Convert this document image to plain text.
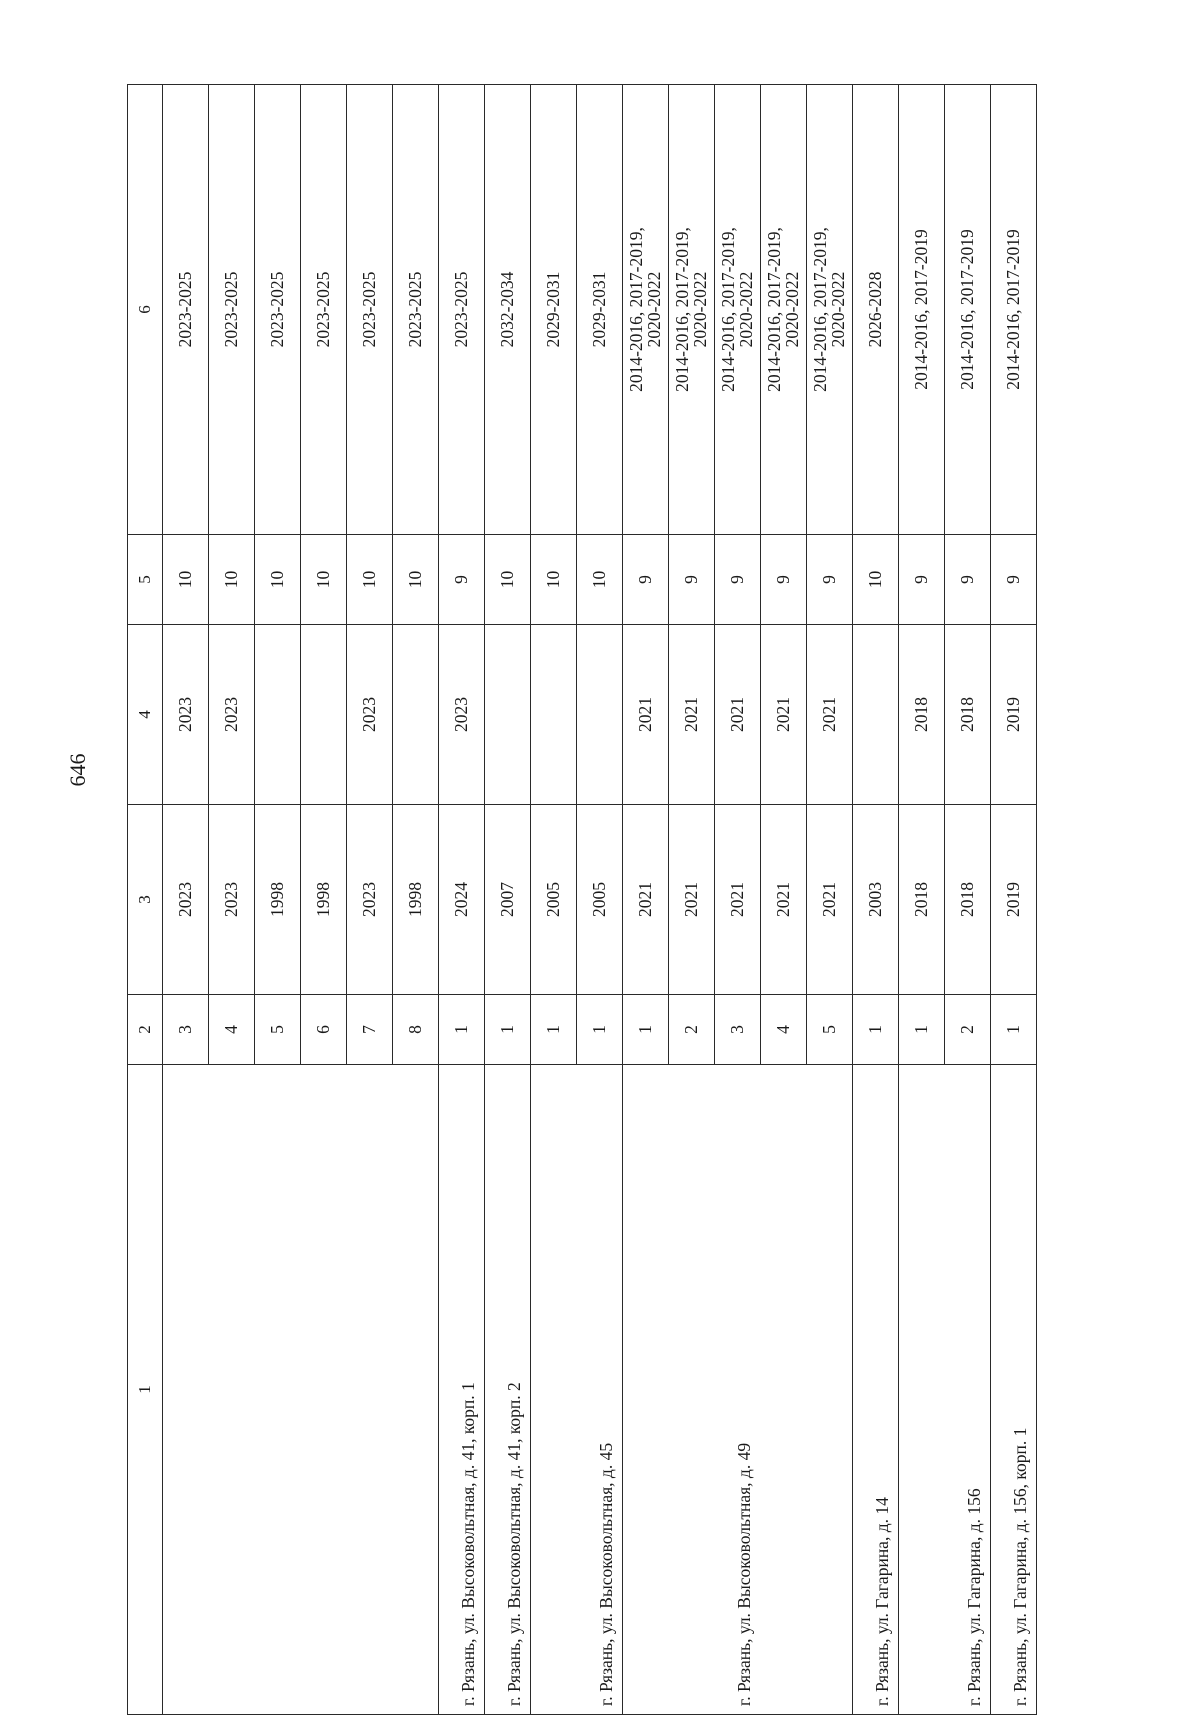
646
1	2	3	4	5	6
	3	2023	2023	10	2023-2025
	4	2023	2023	10	2023-2025
	5	1998		10	2023-2025
	6	1998		10	2023-2025
	7	2023	2023	10	2023-2025
	8	1998		10	2023-2025
г. Рязань, ул. Высоковольтная, д. 41, корп. 1	1	2024	2023	9	2023-2025
г. Рязань, ул. Высоковольтная, д. 41, корп. 2	1	2007		10	2032-2034
	1	2005		10	2029-2031
г. Рязань, ул. Высоковольтная, д. 45	1	2005		10	2029-2031
	1	2021	2021	9	2014-2016, 2017-2019,
2020-2022

	2	2021	2021	9	2014-2016, 2017-2019,
2020-2022

г. Рязань, ул. Высоковольтная, д. 49	3	2021	2021	9	2014-2016, 2017-2019,
2020-2022

	4	2021	2021	9	2014-2016, 2017-2019,
2020-2022

	5	2021	2021	9	2014-2016, 2017-2019,
2020-2022

г. Рязань, ул. Гагарина, д. 14	1	2003		10	2026-2028
	1	2018	2018	9	2014-2016, 2017-2019
г. Рязань, ул. Гагарина, д. 156	2	2018	2018	9	2014-2016, 2017-2019
г. Рязань, ул. Гагарина, д. 156, корп. 1	1	2019	2019	9	2014-2016, 2017-2019
